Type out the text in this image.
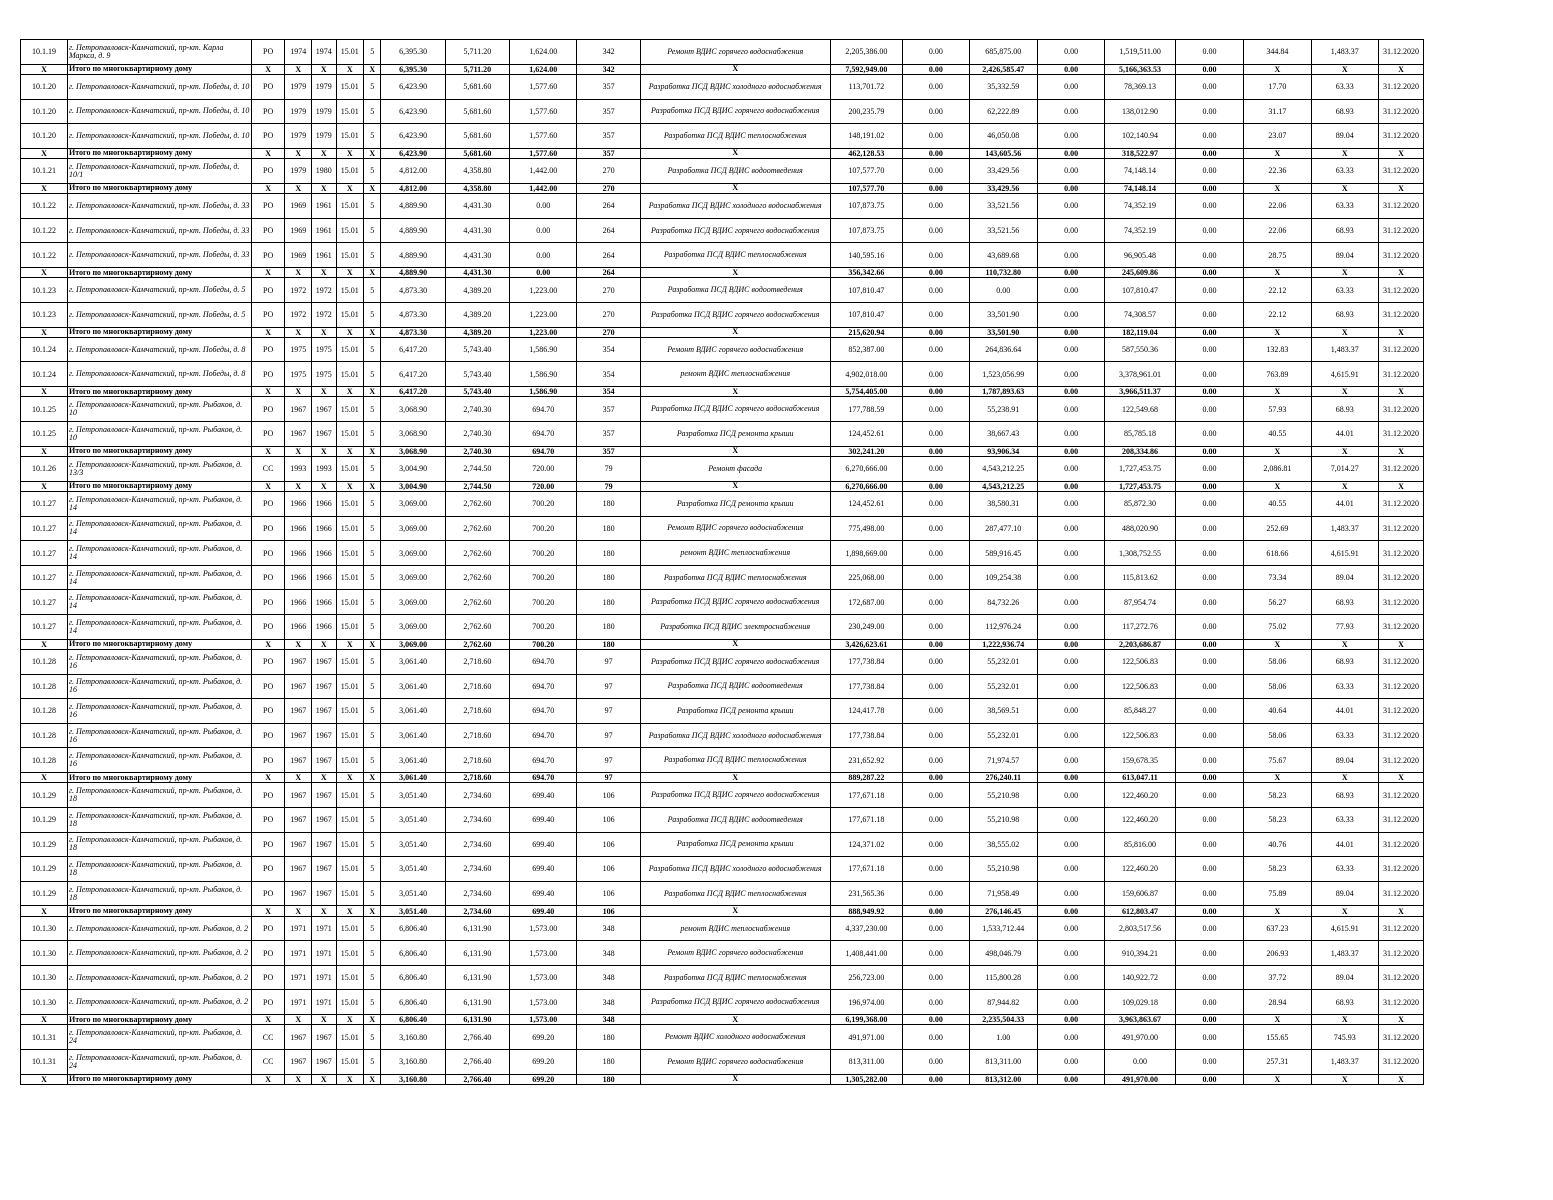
10.1.19	г. Петропавловск-Камчатский, пр-кт. Карла Маркса, д. 9	РО	1974	1974	15.01	5	6,395.30	5,711.20	1,624.00	342	Ремонт ВДИС горячего водоснабжения	2,205,386.00	0.00	685,875.00	0.00	1,519,511.00	0.00	344.84	1,483.37	31.12.2020
X	Итого по многоквартирному дому	X	X	X	X	X	6,395.30	5,711.20	1,624.00	342	X	7,592,949.00	0.00	2,426,585.47	0.00	5,166,363.53	0.00	X	X	X
10.1.20	г. Петропавловск-Камчатский, пр-кт. Победы, д. 10	РО	1979	1979	15.01	5	6,423.90	5,681.60	1,577.60	357	Разработка ПСД ВДИС холодного водоснабжения	113,701.72	0.00	35,332.59	0.00	78,369.13	0.00	17.70	63.33	31.12.2020
10.1.20	г. Петропавловск-Камчатский, пр-кт. Победы, д. 10	РО	1979	1979	15.01	5	6,423.90	5,681.60	1,577.60	357	Разработка ПСД ВДИС горячего водоснабжения	200,235.79	0.00	62,222.89	0.00	138,012.90	0.00	31.17	68.93	31.12.2020
10.1.20	г. Петропавловск-Камчатский, пр-кт. Победы, д. 10	РО	1979	1979	15.01	5	6,423.90	5,681.60	1,577.60	357	Разработка ПСД ВДИС теплоснабжения	148,191.02	0.00	46,050.08	0.00	102,140.94	0.00	23.07	89.04	31.12.2020
X	Итого по многоквартирному дому	X	X	X	X	X	6,423.90	5,681.60	1,577.60	357	X	462,128.53	0.00	143,605.56	0.00	318,522.97	0.00	X	X	X
10.1.21	г. Петропавловск-Камчатский, пр-кт. Победы, д. 10/1	РО	1979	1980	15.01	5	4,812.00	4,358.80	1,442.00	270	Разработка ПСД ВДИС водоотведения	107,577.70	0.00	33,429.56	0.00	74,148.14	0.00	22.36	63.33	31.12.2020
X	Итого по многоквартирному дому	X	X	X	X	X	4,812.00	4,358.80	1,442.00	270	X	107,577.70	0.00	33,429.56	0.00	74,148.14	0.00	X	X	X
10.1.22	г. Петропавловск-Камчатский, пр-кт. Победы, д. 33	РО	1969	1961	15.01	5	4,889.90	4,431.30	0.00	264	Разработка ПСД ВДИС холодного водоснабжения	107,873.75	0.00	33,521.56	0.00	74,352.19	0.00	22.06	63.33	31.12.2020
10.1.22	г. Петропавловск-Камчатский, пр-кт. Победы, д. 33	РО	1969	1961	15.01	5	4,889.90	4,431.30	0.00	264	Разработка ПСД ВДИС горячего водоснабжения	107,873.75	0.00	33,521.56	0.00	74,352.19	0.00	22.06	68.93	31.12.2020
10.1.22	г. Петропавловск-Камчатский, пр-кт. Победы, д. 33	РО	1969	1961	15.01	5	4,889.90	4,431.30	0.00	264	Разработка ПСД ВДИС теплоснабжения	140,595.16	0.00	43,689.68	0.00	96,905.48	0.00	28.75	89.04	31.12.2020
X	Итого по многоквартирному дому	X	X	X	X	X	4,889.90	4,431.30	0.00	264	X	356,342.66	0.00	110,732.80	0.00	245,609.86	0.00	X	X	X
10.1.23	г. Петропавловск-Камчатский, пр-кт. Победы, д. 5	РО	1972	1972	15.01	5	4,873.30	4,389.20	1,223.00	270	Разработка ПСД ВДИС водоотведения	107,810.47	0.00	0.00	0.00	107,810.47	0.00	22.12	63.33	31.12.2020
10.1.23	г. Петропавловск-Камчатский, пр-кт. Победы, д. 5	РО	1972	1972	15.01	5	4,873.30	4,389.20	1,223.00	270	Разработка ПСД ВДИС горячего водоснабжения	107,810.47	0.00	33,501.90	0.00	74,308.57	0.00	22.12	68.93	31.12.2020
X	Итого по многоквартирному дому	X	X	X	X	X	4,873.30	4,389.20	1,223.00	270	X	215,620.94	0.00	33,501.90	0.00	182,119.04	0.00	X	X	X
10.1.24	г. Петропавловск-Камчатский, пр-кт. Победы, д. 8	РО	1975	1975	15.01	5	6,417.20	5,743.40	1,586.90	354	Ремонт ВДИС горячего водоснабжения	852,387.00	0.00	264,836.64	0.00	587,550.36	0.00	132.83	1,483.37	31.12.2020
10.1.24	г. Петропавловск-Камчатский, пр-кт. Победы, д. 8	РО	1975	1975	15.01	5	6,417.20	5,743.40	1,586.90	354	ремонт ВДИС теплоснабжения	4,902,018.00	0.00	1,523,056.99	0.00	3,378,961.01	0.00	763.89	4,615.91	31.12.2020
X	Итого по многоквартирному дому	X	X	X	X	X	6,417.20	5,743.40	1,586.90	354	X	5,754,405.00	0.00	1,787,893.63	0.00	3,966,511.37	0.00	X	X	X
10.1.25	г. Петропавловск-Камчатский, пр-кт. Рыбаков, д. 10	РО	1967	1967	15.01	5	3,068.90	2,740.30	694.70	357	Разработка ПСД ВДИС горячего водоснабжения	177,788.59	0.00	55,238.91	0.00	122,549.68	0.00	57.93	68.93	31.12.2020
10.1.25	г. Петропавловск-Камчатский, пр-кт. Рыбаков, д. 10	РО	1967	1967	15.01	5	3,068.90	2,740.30	694.70	357	Разработка ПСД ремонта крыши	124,452.61	0.00	38,667.43	0.00	85,785.18	0.00	40.55	44.01	31.12.2020
X	Итого по многоквартирному дому	X	X	X	X	X	3,068.90	2,740.30	694.70	357	X	302,241.20	0.00	93,906.34	0.00	208,334.86	0.00	X	X	X
10.1.26	г. Петропавловск-Камчатский, пр-кт. Рыбаков, д. 13/3	СС	1993	1993	15.01	5	3,004.90	2,744.50	720.00	79	Ремонт фасада	6,270,666.00	0.00	4,543,212.25	0.00	1,727,453.75	0.00	2,086.81	7,014.27	31.12.2020
X	Итого по многоквартирному дому	X	X	X	X	X	3,004.90	2,744.50	720.00	79	X	6,270,666.00	0.00	4,543,212.25	0.00	1,727,453.75	0.00	X	X	X
10.1.27	г. Петропавловск-Камчатский, пр-кт. Рыбаков, д. 14	РО	1966	1966	15.01	5	3,069.00	2,762.60	700.20	180	Разработка ПСД ремонта крыши	124,452.61	0.00	38,580.31	0.00	85,872.30	0.00	40.55	44.01	31.12.2020
10.1.27	г. Петропавловск-Камчатский, пр-кт. Рыбаков, д. 14	РО	1966	1966	15.01	5	3,069.00	2,762.60	700.20	180	Ремонт ВДИС горячего водоснабжения	775,498.00	0.00	287,477.10	0.00	488,020.90	0.00	252.69	1,483.37	31.12.2020
10.1.27	г. Петропавловск-Камчатский, пр-кт. Рыбаков, д. 14	РО	1966	1966	15.01	5	3,069.00	2,762.60	700.20	180	ремонт ВДИС теплоснабжения	1,898,669.00	0.00	589,916.45	0.00	1,308,752.55	0.00	618.66	4,615.91	31.12.2020
10.1.27	г. Петропавловск-Камчатский, пр-кт. Рыбаков, д. 14	РО	1966	1966	15.01	5	3,069.00	2,762.60	700.20	180	Разработка ПСД ВДИС теплоснабжения	225,068.00	0.00	109,254.38	0.00	115,813.62	0.00	73.34	89.04	31.12.2020
10.1.27	г. Петропавловск-Камчатский, пр-кт. Рыбаков, д. 14	РО	1966	1966	15.01	5	3,069.00	2,762.60	700.20	180	Разработка ПСД ВДИС горячего водоснабжения	172,687.00	0.00	84,732.26	0.00	87,954.74	0.00	56.27	68.93	31.12.2020
10.1.27	г. Петропавловск-Камчатский, пр-кт. Рыбаков, д. 14	РО	1966	1966	15.01	5	3,069.00	2,762.60	700.20	180	Разработка ПСД ВДИС электроснабжения	230,249.00	0.00	112,976.24	0.00	117,272.76	0.00	75.02	77.93	31.12.2020
X	Итого по многоквартирному дому	X	X	X	X	X	3,069.00	2,762.60	700.20	180	X	3,426,623.61	0.00	1,222,936.74	0.00	2,203,686.87	0.00	X	X	X
10.1.28	г. Петропавловск-Камчатский, пр-кт. Рыбаков, д. 16	РО	1967	1967	15.01	5	3,061.40	2,718.60	694.70	97	Разработка ПСД ВДИС горячего водоснабжения	177,738.84	0.00	55,232.01	0.00	122,506.83	0.00	58.06	68.93	31.12.2020
10.1.28	г. Петропавловск-Камчатский, пр-кт. Рыбаков, д. 16	РО	1967	1967	15.01	5	3,061.40	2,718.60	694.70	97	Разработка ПСД ВДИС водоотведения	177,738.84	0.00	55,232.01	0.00	122,506.83	0.00	58.06	63.33	31.12.2020
10.1.28	г. Петропавловск-Камчатский, пр-кт. Рыбаков, д. 16	РО	1967	1967	15.01	5	3,061.40	2,718.60	694.70	97	Разработка ПСД ремонта крыши	124,417.78	0.00	38,569.51	0.00	85,848.27	0.00	40.64	44.01	31.12.2020
10.1.28	г. Петропавловск-Камчатский, пр-кт. Рыбаков, д. 16	РО	1967	1967	15.01	5	3,061.40	2,718.60	694.70	97	Разработка ПСД ВДИС холодного водоснабжения	177,738.84	0.00	55,232.01	0.00	122,506.83	0.00	58.06	63.33	31.12.2020
10.1.28	г. Петропавловск-Камчатский, пр-кт. Рыбаков, д. 16	РО	1967	1967	15.01	5	3,061.40	2,718.60	694.70	97	Разработка ПСД ВДИС теплоснабжения	231,652.92	0.00	71,974.57	0.00	159,678.35	0.00	75.67	89.04	31.12.2020
X	Итого по многоквартирному дому	X	X	X	X	X	3,061.40	2,718.60	694.70	97	X	889,287.22	0.00	276,240.11	0.00	613,047.11	0.00	X	X	X
10.1.29	г. Петропавловск-Камчатский, пр-кт. Рыбаков, д. 18	РО	1967	1967	15.01	5	3,051.40	2,734.60	699.40	106	Разработка ПСД ВДИС горячего водоснабжения	177,671.18	0.00	55,210.98	0.00	122,460.20	0.00	58.23	68.93	31.12.2020
10.1.29	г. Петропавловск-Камчатский, пр-кт. Рыбаков, д. 18	РО	1967	1967	15.01	5	3,051.40	2,734.60	699.40	106	Разработка ПСД ВДИС водоотведения	177,671.18	0.00	55,210.98	0.00	122,460.20	0.00	58.23	63.33	31.12.2020
10.1.29	г. Петропавловск-Камчатский, пр-кт. Рыбаков, д. 18	РО	1967	1967	15.01	5	3,051.40	2,734.60	699.40	106	Разработка ПСД ремонта крыши	124,371.02	0.00	38,555.02	0.00	85,816.00	0.00	40.76	44.01	31.12.2020
10.1.29	г. Петропавловск-Камчатский, пр-кт. Рыбаков, д. 18	РО	1967	1967	15.01	5	3,051.40	2,734.60	699.40	106	Разработка ПСД ВДИС холодного водоснабжения	177,671.18	0.00	55,210.98	0.00	122,460.20	0.00	58.23	63.33	31.12.2020
10.1.29	г. Петропавловск-Камчатский, пр-кт. Рыбаков, д. 18	РО	1967	1967	15.01	5	3,051.40	2,734.60	699.40	106	Разработка ПСД ВДИС теплоснабжения	231,565.36	0.00	71,958.49	0.00	159,606.87	0.00	75.89	89.04	31.12.2020
X	Итого по многоквартирному дому	X	X	X	X	X	3,051.40	2,734.60	699.40	106	X	888,949.92	0.00	276,146.45	0.00	612,803.47	0.00	X	X	X
10.1.30	г. Петропавловск-Камчатский, пр-кт. Рыбаков, д. 2	РО	1971	1971	15.01	5	6,806.40	6,131.90	1,573.00	348	ремонт ВДИС теплоснабжения	4,337,230.00	0.00	1,533,712.44	0.00	2,803,517.56	0.00	637.23	4,615.91	31.12.2020
10.1.30	г. Петропавловск-Камчатский, пр-кт. Рыбаков, д. 2	РО	1971	1971	15.01	5	6,806.40	6,131.90	1,573.00	348	Ремонт ВДИС горячего водоснабжения	1,408,441.00	0.00	498,046.79	0.00	910,394.21	0.00	206.93	1,483.37	31.12.2020
10.1.30	г. Петропавловск-Камчатский, пр-кт. Рыбаков, д. 2	РО	1971	1971	15.01	5	6,806.40	6,131.90	1,573.00	348	Разработка ПСД ВДИС теплоснабжения	256,723.00	0.00	115,800.28	0.00	140,922.72	0.00	37.72	89.04	31.12.2020
10.1.30	г. Петропавловск-Камчатский, пр-кт. Рыбаков, д. 2	РО	1971	1971	15.01	5	6,806.40	6,131.90	1,573.00	348	Разработка ПСД ВДИС горячего водоснабжения	196,974.00	0.00	87,944.82	0.00	109,029.18	0.00	28.94	68.93	31.12.2020
X	Итого по многоквартирному дому	X	X	X	X	X	6,806.40	6,131.90	1,573.00	348	X	6,199,368.00	0.00	2,235,504.33	0.00	3,963,863.67	0.00	X	X	X
10.1.31	г. Петропавловск-Камчатский, пр-кт. Рыбаков, д. 24	СС	1967	1967	15.01	5	3,160.80	2,766.40	699.20	180	Ремонт ВДИС холодного водоснабжения	491,971.00	0.00	1.00	0.00	491,970.00	0.00	155.65	745.93	31.12.2020
10.1.31	г. Петропавловск-Камчатский, пр-кт. Рыбаков, д. 24	СС	1967	1967	15.01	5	3,160.80	2,766.40	699.20	180	Ремонт ВДИС горячего водоснабжения	813,311.00	0.00	813,311.00	0.00	0.00	0.00	257.31	1,483.37	31.12.2020
X	Итого по многоквартирному дому	X	X	X	X	X	3,160.80	2,766.40	699.20	180	X	1,305,282.00	0.00	813,312.00	0.00	491,970.00	0.00	X	X	X
